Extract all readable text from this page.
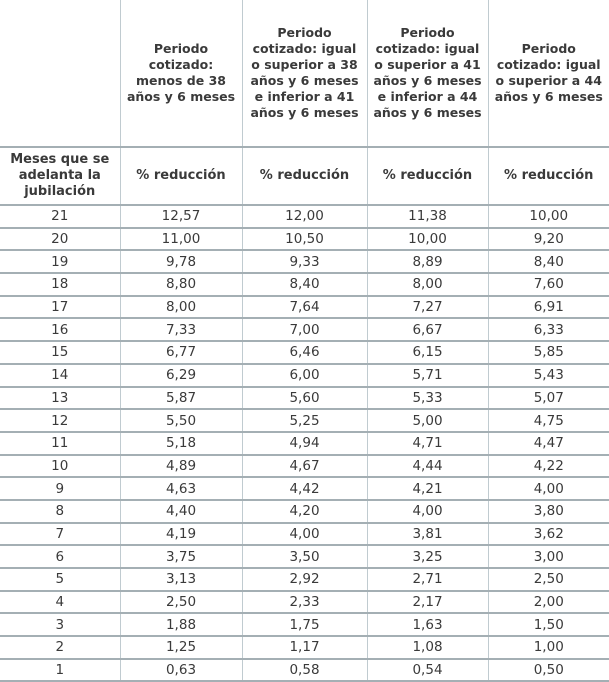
	Periodo cotizado: menos de 38 años y 6 meses	Periodo cotizado: igual o superior a 38 años y 6 meses e inferior a 41 años y 6 meses	Periodo cotizado: igual o superior a 41 años y 6 meses e inferior a 44 años y 6 meses	Periodo cotizado: igual o superior a 44 años y 6 meses
Meses que se adelanta la jubilación	% reducción	% reducción	% reducción	% reducción
21	12,57	12,00	11,38	10,00
20	11,00	10,50	10,00	9,20
19	9,78	9,33	8,89	8,40
18	8,80	8,40	8,00	7,60
17	8,00	7,64	7,27	6,91
16	7,33	7,00	6,67	6,33
15	6,77	6,46	6,15	5,85
14	6,29	6,00	5,71	5,43
13	5,87	5,60	5,33	5,07
12	5,50	5,25	5,00	4,75
11	5,18	4,94	4,71	4,47
10	4,89	4,67	4,44	4,22
9	4,63	4,42	4,21	4,00
8	4,40	4,20	4,00	3,80
7	4,19	4,00	3,81	3,62
6	3,75	3,50	3,25	3,00
5	3,13	2,92	2,71	2,50
4	2,50	2,33	2,17	2,00
3	1,88	1,75	1,63	1,50
2	1,25	1,17	1,08	1,00
1	0,63	0,58	0,54	0,50
